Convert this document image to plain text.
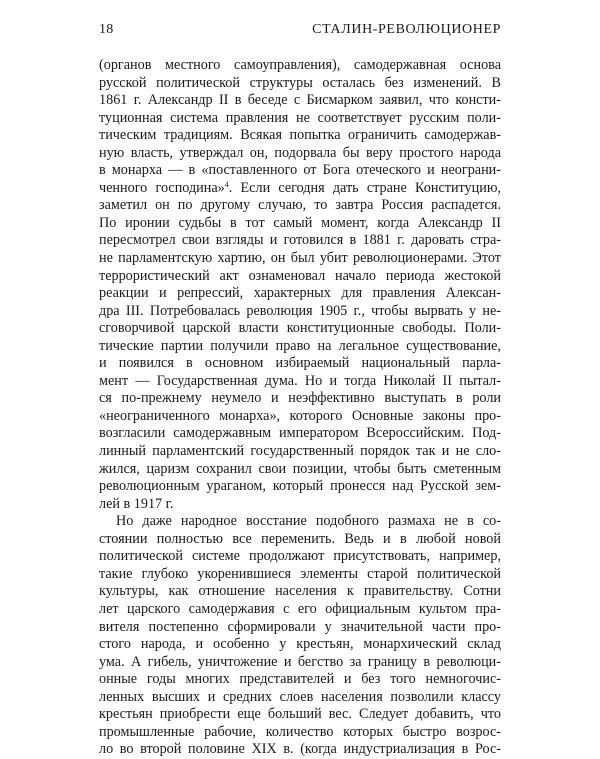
18	СТАЛИН-РЕВОЛЮЦИОНЕР
(органов местного самоуправления), самодержавная основа
русской политической структуры осталась без изменений. В
1861 г. Александр II в беседе с Бисмарком заявил, что консти-
туционная система правления не соответствует русским поли-
тическим традициям. Всякая попытка ограничить самодержав-
ную власть, утверждал он, подорвала бы веру простого народа
в монарха — в «поставленного от Бога отеческого и неограни-
ченного господина»$^4$. Если сегодня дать стране Конституцию,
заметил он по другому случаю, то завтра Россия распадется.
По иронии судьбы в тот самый момент, когда Александр II
пересмотрел свои взгляды и готовился в 1881 г. даровать стра-
не парламентскую хартию, он был убит революционерами. Этот
террористический акт ознаменовал начало периода жестокой
реакции и репрессий, характерных для правления Алексан-
дра III. Потребовалась революция 1905 г., чтобы вырвать у не-
сговорчивой царской власти конституционные свободы. Поли-
тические партии получили право на легальное существование,
и появился в основном избираемый национальный парла-
мент — Государственная дума. Но и тогда Николай II пытал-
ся по-прежнему неумело и неэффективно выступать в роли
«неограниченного монарха», которого Основные законы про-
возгласили самодержавным императором Всероссийским. Под-
линный парламентский государственный порядок так и не сло-
жился, царизм сохранил свои позиции, чтобы быть сметенным
революционным ураганом, который пронесся над Русской зем-
лей в 1917 г.
Но даже народное восстание подобного размаха не в со-
стоянии полностью все переменить. Ведь и в любой новой
политической системе продолжают присутствовать, например,
такие глубоко укоренившиеся элементы старой политической
культуры, как отношение населения к правительству. Сотни
лет царского самодержавия с его официальным культом пра-
вителя постепенно сформировали у значительной части про-
стого народа, и особенно у крестьян, монархический склад
ума. А гибель, уничтожение и бегство за границу в революци-
онные годы многих представителей и без того немногочис-
ленных высших и средних слоев населения позволили классу
крестьян приобрести еще больший вес. Следует добавить, что
промышленные рабочие, количество которых быстро возрос-
ло во второй половине XIX в. (когда индустриализация в Рос-
